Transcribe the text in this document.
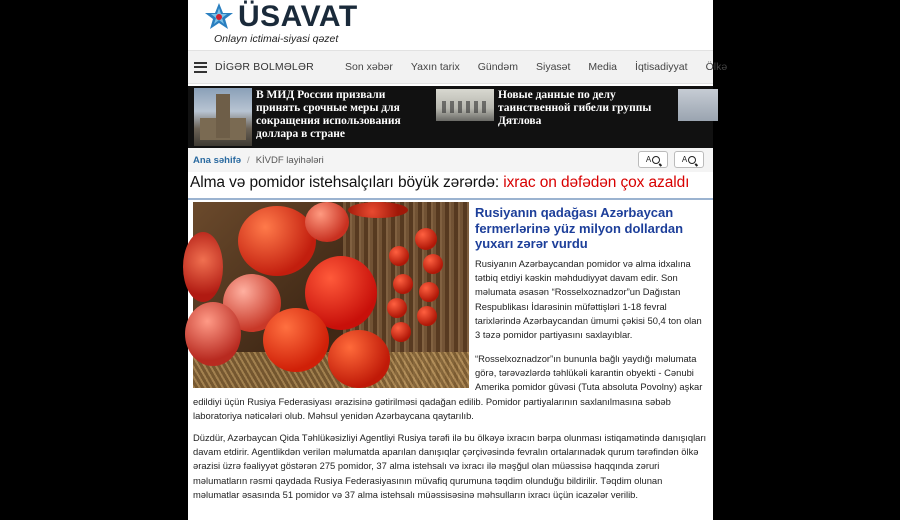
ÜSAVAT
Onlayn ictimai-siyasi qəzet
DİGƏR BOLMƏLƏR	Son xəbər	Yaxın tarix	Gündəm	Siyasət	Media	İqtisadiyyat	Ölkə
В МИД России призвали принять срочные меры для сокращения использования доллара в стране
Новые данные по делу таинственной гибели группы Дятлова
Ana səhifə / KİVDF layihələri	A	A
Alma və pomidor istehsalçıları böyük zərərdə: ixrac on dəfədən çox azaldı
Rusiyanın qadağası Azərbaycan fermerlərinə yüz milyon dollardan yuxarı zərər vurdu

Rusiyanın Azərbaycandan pomidor və alma idxalına tətbiq etdiyi kəskin məhdudiyyət davam edir. Son məlumata əsasən “Rosselxoznadzor”un Dağıstan Respublikası İdarəsinin müfəttişləri 1-18 fevral tarixlərində Azərbaycandan ümumi çəkisi 50,4 ton olan 3 təzə pomidor partiyasını saxlayıblar.

“Rosselxoznadzor”ın bununla bağlı yaydığı məlumata görə, tərəvəzlərdə təhlükəli karantin obyekti - Cənubi Amerika pomidor güvəsi (Tuta absoluta Povolny) aşkar edildiyi üçün Rusiya Federasiyası ərazisinə gətirilməsi qadağan edilib. Pomidor partiyalarının saxlanılmasına səbəb laboratoriya nəticələri olub. Məhsul yenidən Azərbaycana qaytarılıb.

Düzdür, Azərbaycan Qida Təhlükəsizliyi Agentliyi Rusiya tərəfi ilə bu ölkəyə ixracın bərpa olunması istiqamətində danışıqları davam etdirir. Agentlikdən verilən məlumatda aparılan danışıqlar çərçivəsində fevralın ortalarınadək qurum tərəfindən ölkə ərazisi üzrə fəaliyyət göstərən 275 pomidor, 37 alma istehsalı və ixracı ilə məşğul olan müəssisə haqqında zəruri məlumatların rəsmi qaydada Rusiya Federasiyasının müvafiq qurumuna təqdim olunduğu bildirilir. Təqdim olunan məlumatlar əsasında 51 pomidor və 37 alma istehsalı müəssisəsinə məhsulların ixracı üçün icazələr verilib.
